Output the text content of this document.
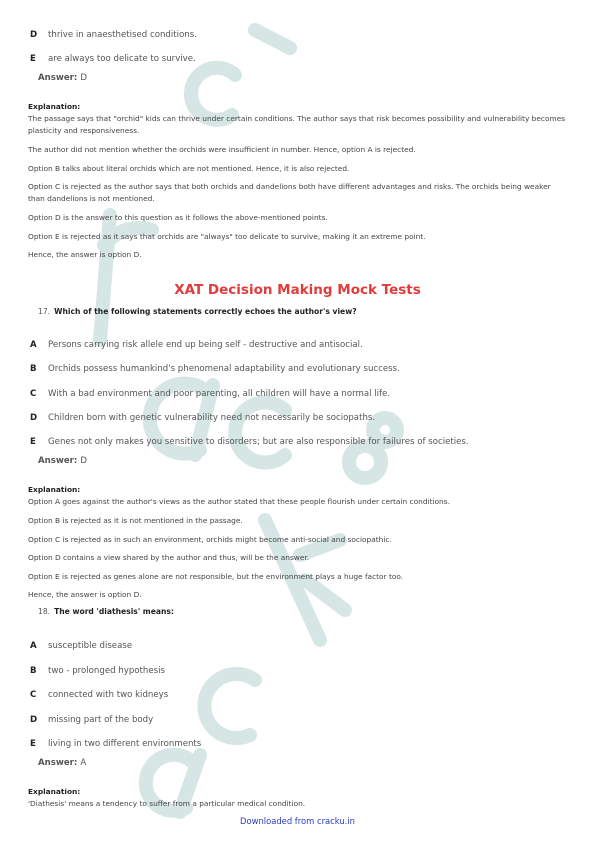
D thrive in anaesthetised conditions.
E are always too delicate to survive.
Answer: D
Explanation:
The passage says that "orchid" kids can thrive under certain conditions. The author says that risk becomes possibility and vulnerability becomes plasticity and responsiveness.
The author did not mention whether the orchids were insufficient in number. Hence, option A is rejected.
Option B talks about literal orchids which are not mentioned. Hence, it is also rejected.
Option C is rejected as the author says that both orchids and dandelions both have different advantages and risks. The orchids being weaker than dandelions is not mentioned.
Option D is the answer to this question as it follows the above-mentioned points.
Option E is rejected as it says that orchids are "always" too delicate to survive, making it an extreme point.
Hence, the answer is option D.
XAT Decision Making Mock Tests
17. Which of the following statements correctly echoes the author's view?
A Persons carrying risk allele end up being self - destructive and antisocial.
B Orchids possess humankind's phenomenal adaptability and evolutionary success.
C With a bad environment and poor parenting, all children will have a normal life.
D Children born with genetic vulnerability need not necessarily be sociopaths.
E Genes not only makes you sensitive to disorders; but are also responsible for failures of societies.
Answer: D
Explanation:
Option A goes against the author's views as the author stated that these people flourish under certain conditions.
Option B is rejected as it is not mentioned in the passage.
Option C is rejected as in such an environment, orchids might become anti-social and sociopathic.
Option D contains a view shared by the author and thus, will be the answer.
Option E is rejected as genes alone are not responsible, but the environment plays a huge factor too.
Hence, the answer is option D.
18. The word 'diathesis' means:
A susceptible disease
B two - prolonged hypothesis
C connected with two kidneys
D missing part of the body
E living in two different environments
Answer: A
Explanation:
'Diathesis' means a tendency to suffer from a particular medical condition.
Downloaded from cracku.in
